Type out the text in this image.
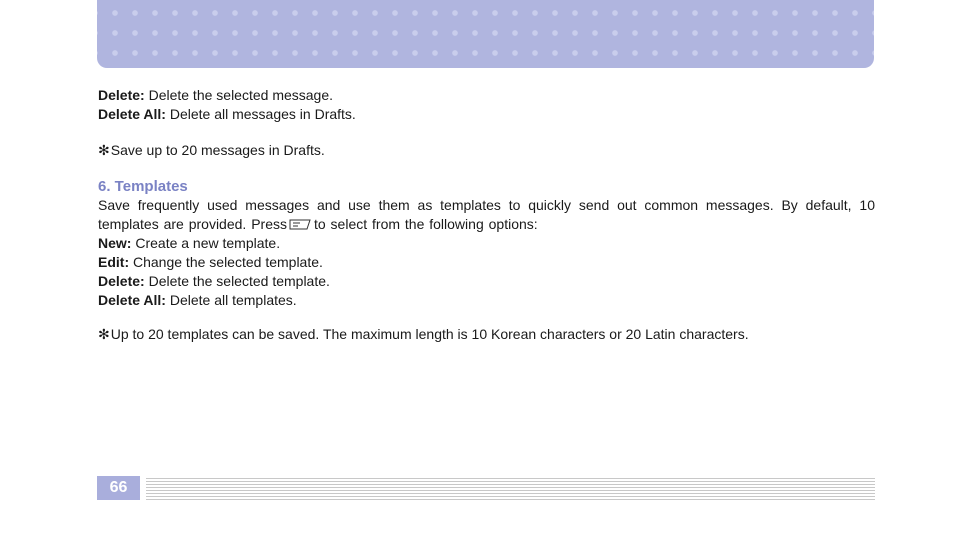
Delete: Delete the selected message.

Delete All: Delete all messages in Drafts.

✻Save up to 20 messages in Drafts.

6. Templates

Save frequently used messages and use them as templates to quickly send out common messages. By default, 10 templates are provided. Press to select from the following options:

New: Create a new template.

Edit: Change the selected template.

Delete: Delete the selected template.

Delete All: Delete all templates.

✻Up to 20 templates can be saved. The maximum length is 10 Korean characters or 20 Latin characters.

66
